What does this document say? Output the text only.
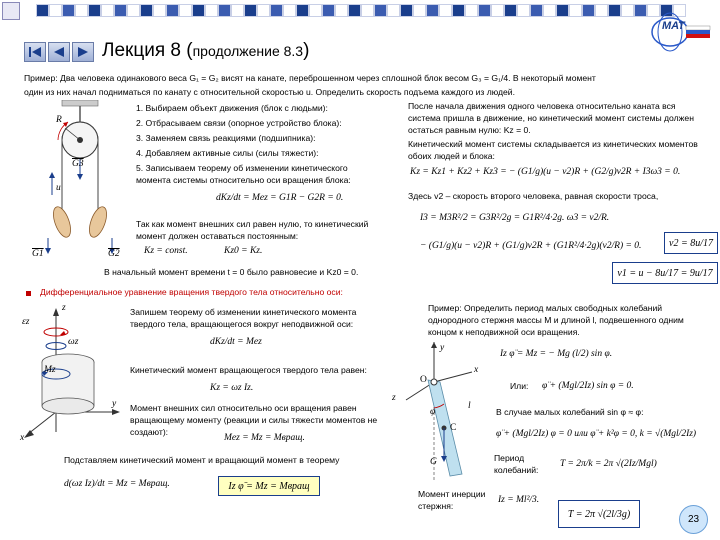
МАТ
Лекция 8 (продолжение 8.3)
Пример: Два человека одинакового веса G₁ = G₂ висят на канате, переброшенном через сплошной блок весом G₃ = G₁/4. В некоторый момент
один из них начал подниматься по канату с относительной скоростью u. Определить скорость подъема каждого из людей.
R
G3
u
G1	G2
1. Выбираем объект движения (блок с людьми):
2. Отбрасываем связи (опорное устройство блока):
3. Заменяем связь реакциями (подшипника):
4. Добавляем активные силы (силы тяжести):
5. Записываем теорему об изменении кинетического момента системы относительно оси вращения блока:
dKz/dt = Mez = G1R − G2R = 0.
Так как момент внешних сил равен нулю, то кинетический момент должен оставаться постоянным:
Kz = const.	Kz0 = Kz.
В начальный момент времени t = 0 было равновесие и Kz0 = 0.
После начала движения одного человека относительно каната вся система пришла в движение, но кинетический момент системы должен остаться равным нулю: Kz = 0.
Кинетический момент системы складывается из кинетических моментов обоих людей и блока:
Kz = Kz1 + Kz2 + Kz3 = − (G1/g)(u − v2)R + (G2/g)v2R + I3ω3 = 0.
Здесь v2 – скорость второго человека, равная скорости троса,
I3 = M3R²/2 = G3R²/2g = G1R²/4·2g. ω3 = v2/R.
− (G1/g)(u − v2)R + (G1/g)v2R + (G1R²/4·2g)(v2/R) = 0.	v2 = 8u/17
v1 = u − 8u/17 = 9u/17
Дифференциальное уравнение вращения твердого тела относительно оси:
z
εz
ωz
Mz
y
x
Запишем теорему об изменении кинетического момента твердого тела, вращающегося вокруг неподвижной оси:
dKz/dt = Mez
Кинетический момент вращающегося твердого тела равен:
Kz = ωz Iz.
Момент внешних сил относительно оси вращения равен вращающему моменту (реакции и силы тяжести моментов не создают):
Mez = Mz = Mвращ.
Подставляем кинетический момент и вращающий момент в теорему
d(ωz Iz)/dt = Mz = Mвращ.	Iz φ̈ = Mz = Mвращ
Пример: Определить период малых свободных колебаний однородного стержня массы M и длиной l, подвешенного одним концом к неподвижной оси вращения.
Iz φ̈ = Mz = − Mg (l/2) sin φ.
y
x
O
z
φ
l
C
G
Или: φ̈ + (Mgl/2Iz) sin φ = 0.
В случае малых колебаний sin φ ≈ φ:
φ̈ + (Mgl/2Iz) φ = 0 или φ̈ + k²φ = 0, k = √(Mgl/2Iz)
Период колебаний:
T = 2π/k = 2π √(2Iz/Mgl)
Момент инерции стержня:
Iz = Ml²/3.
T = 2π √(2l/3g)	23
